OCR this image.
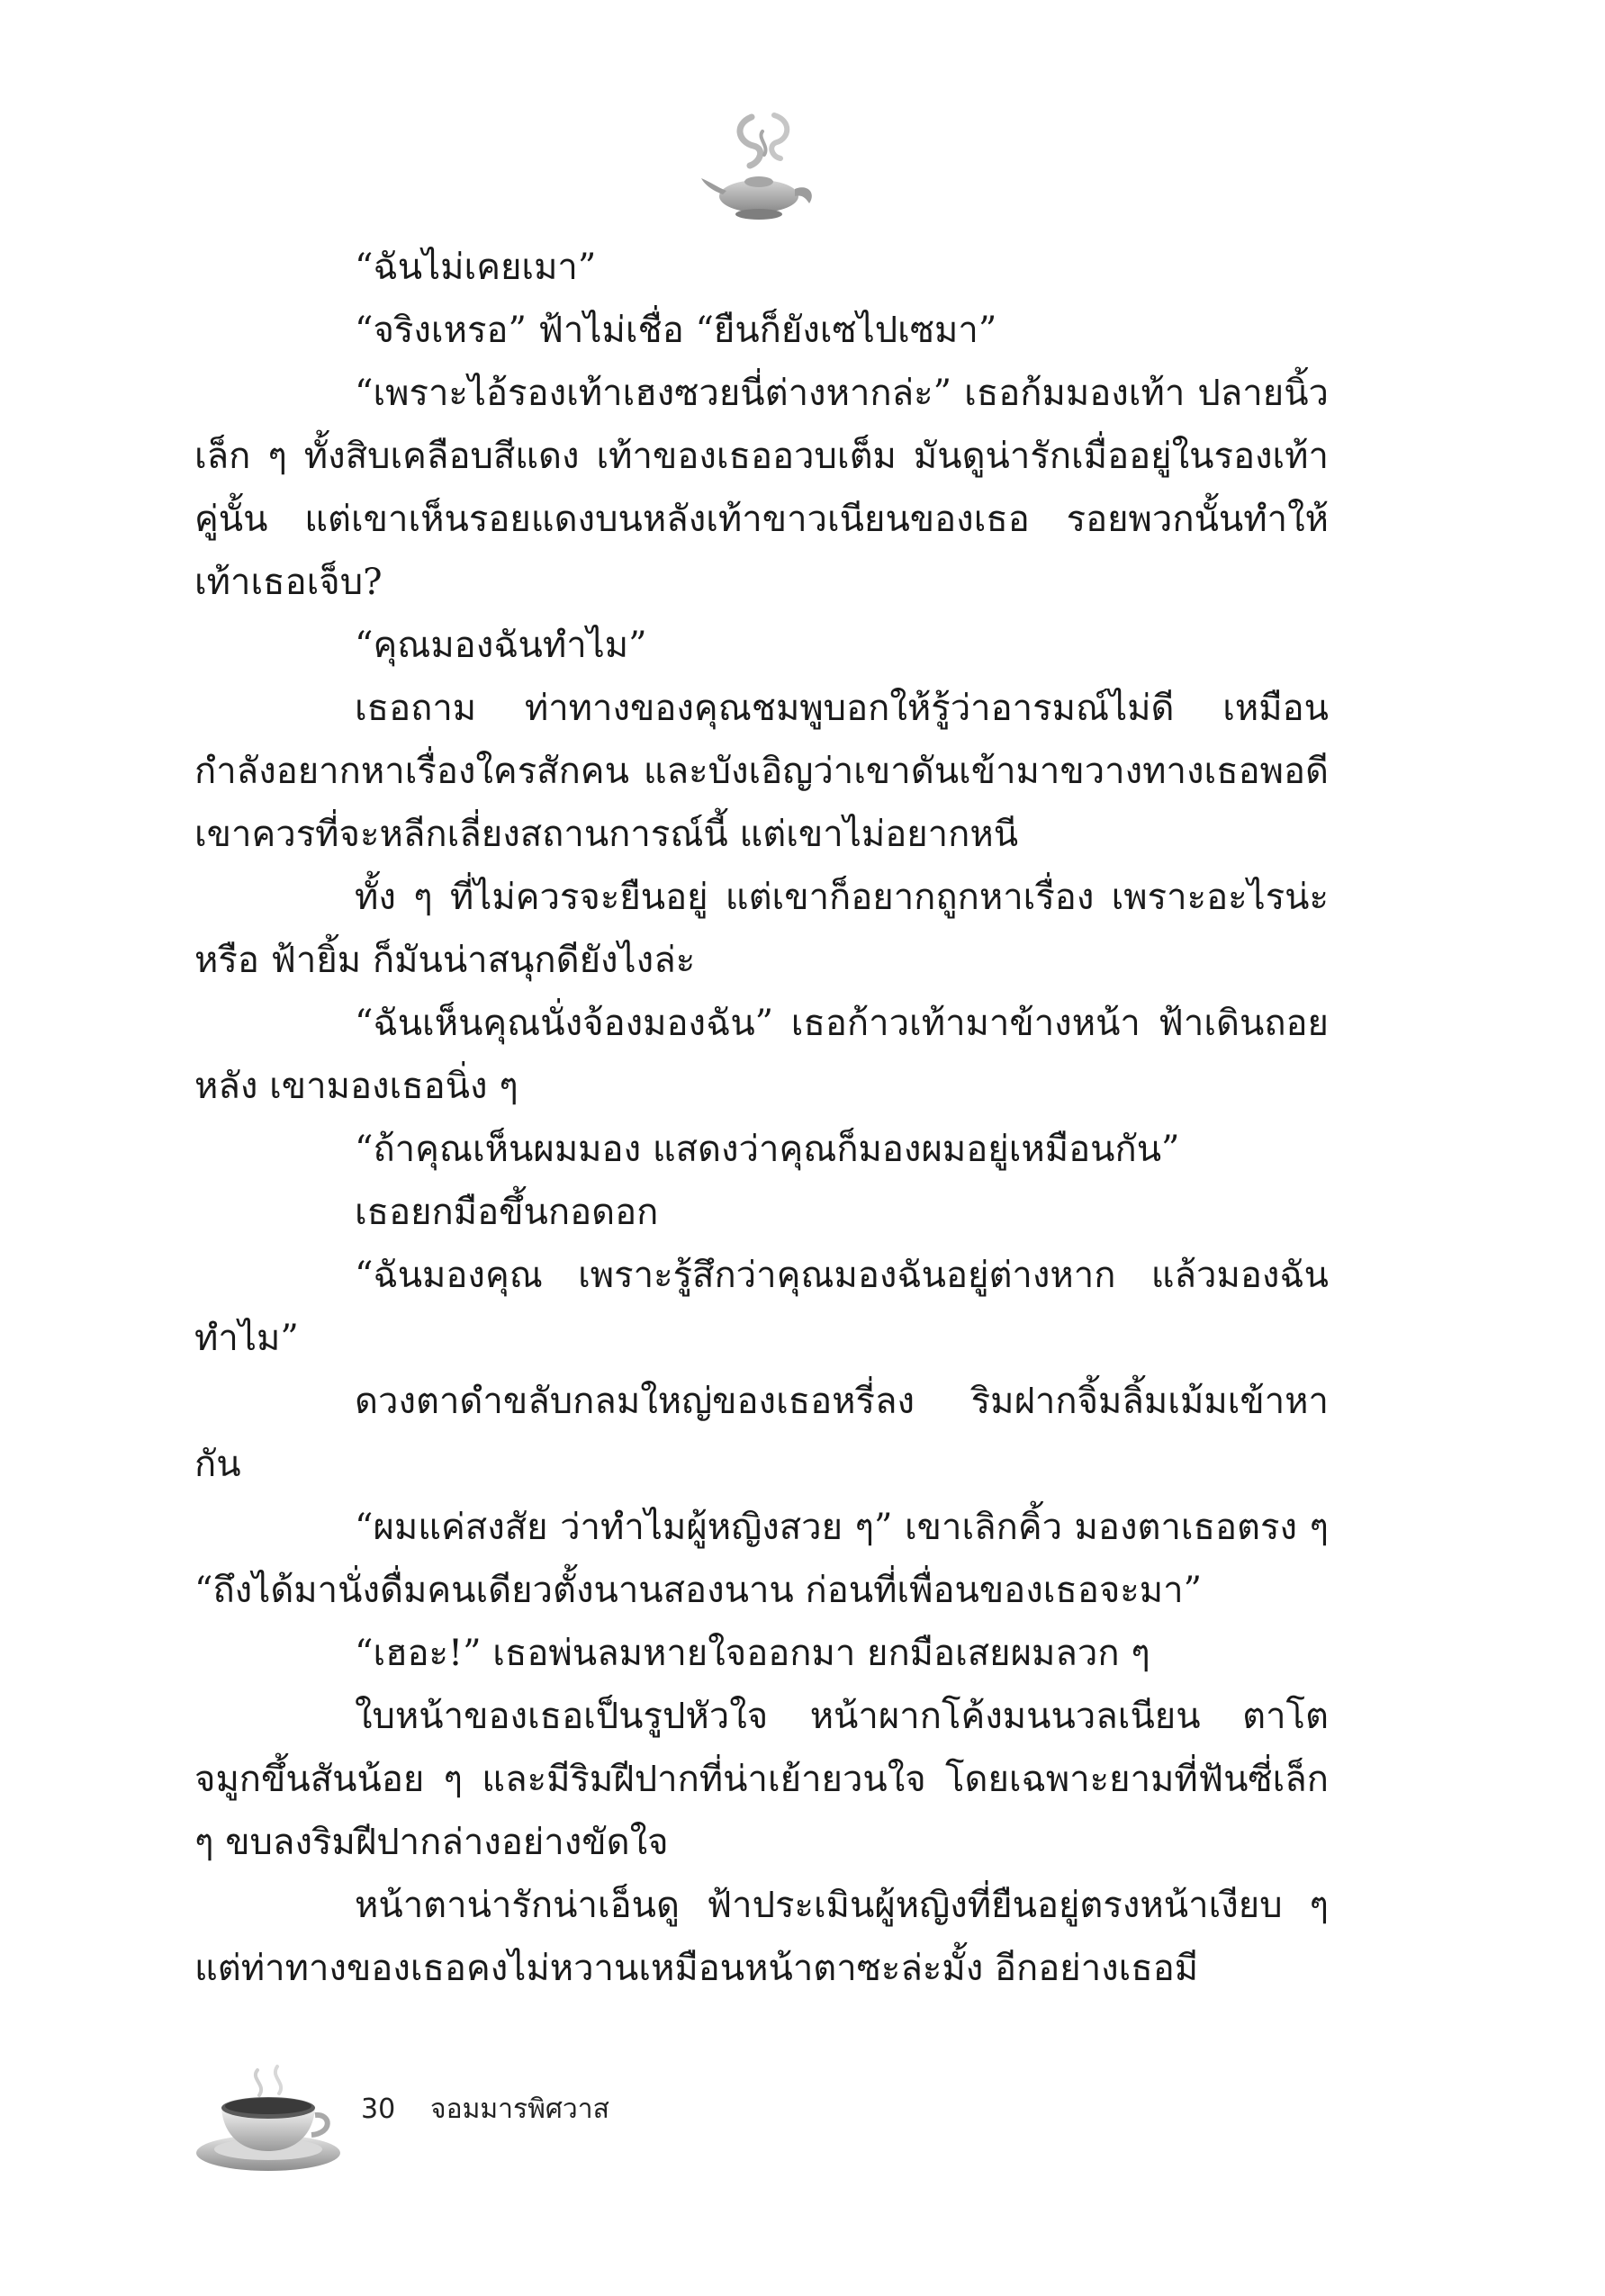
“ฉันไม่เคยเมา”

“จริงเหรอ” ฟ้าไม่เชื่อ “ยืนก็ยังเซไปเซมา”

“เพราะไอ้รองเท้าเฮงซวยนี่ต่างหากล่ะ” เธอก้มมองเท้า ปลายนิ้วเล็ก ๆ ทั้งสิบเคลือบสีแดง เท้าของเธออวบเต็ม มันดูน่ารักเมื่ออยู่ในรองเท้าคู่นั้น แต่เขาเห็นรอยแดงบนหลังเท้าขาวเนียนของเธอ รอยพวกนั้นทำให้เท้าเธอเจ็บ?

“คุณมองฉันทำไม”

เธอถาม ท่าทางของคุณชมพูบอกให้รู้ว่าอารมณ์ไม่ดี เหมือนกำลังอยากหาเรื่องใครสักคน และบังเอิญว่าเขาดันเข้ามาขวางทางเธอพอดี เขาควรที่จะหลีกเลี่ยงสถานการณ์นี้ แต่เขาไม่อยากหนี

ทั้ง ๆ ที่ไม่ควรจะยืนอยู่ แต่เขาก็อยากถูกหาเรื่อง เพราะอะไรน่ะหรือ ฟ้ายิ้ม ก็มันน่าสนุกดียังไงล่ะ

“ฉันเห็นคุณนั่งจ้องมองฉัน” เธอก้าวเท้ามาข้างหน้า ฟ้าเดินถอยหลัง เขามองเธอนิ่ง ๆ

“ถ้าคุณเห็นผมมอง แสดงว่าคุณก็มองผมอยู่เหมือนกัน”

เธอยกมือขึ้นกอดอก

“ฉันมองคุณ เพราะรู้สึกว่าคุณมองฉันอยู่ต่างหาก แล้วมองฉันทำไม”

ดวงตาดำขลับกลมใหญ่ของเธอหรี่ลง ริมฝากจิ้มลิ้มเม้มเข้าหากัน

“ผมแค่สงสัย ว่าทำไมผู้หญิงสวย ๆ” เขาเลิกคิ้ว มองตาเธอตรง ๆ “ถึงได้มานั่งดื่มคนเดียวตั้งนานสองนาน ก่อนที่เพื่อนของเธอจะมา”

“เฮอะ!” เธอพ่นลมหายใจออกมา ยกมือเสยผมลวก ๆ

ใบหน้าของเธอเป็นรูปหัวใจ หน้าผากโค้งมนนวลเนียน ตาโตจมูกขึ้นสันน้อย ๆ และมีริมฝีปากที่น่าเย้ายวนใจ โดยเฉพาะยามที่ฟันซี่เล็ก ๆ ขบลงริมฝีปากล่างอย่างขัดใจ

หน้าตาน่ารักน่าเอ็นดู ฟ้าประเมินผู้หญิงที่ยืนอยู่ตรงหน้าเงียบ ๆแต่ท่าทางของเธอคงไม่หวานเหมือนหน้าตาซะล่ะมั้ง อีกอย่างเธอมี

30 จอมมารพิศวาส
